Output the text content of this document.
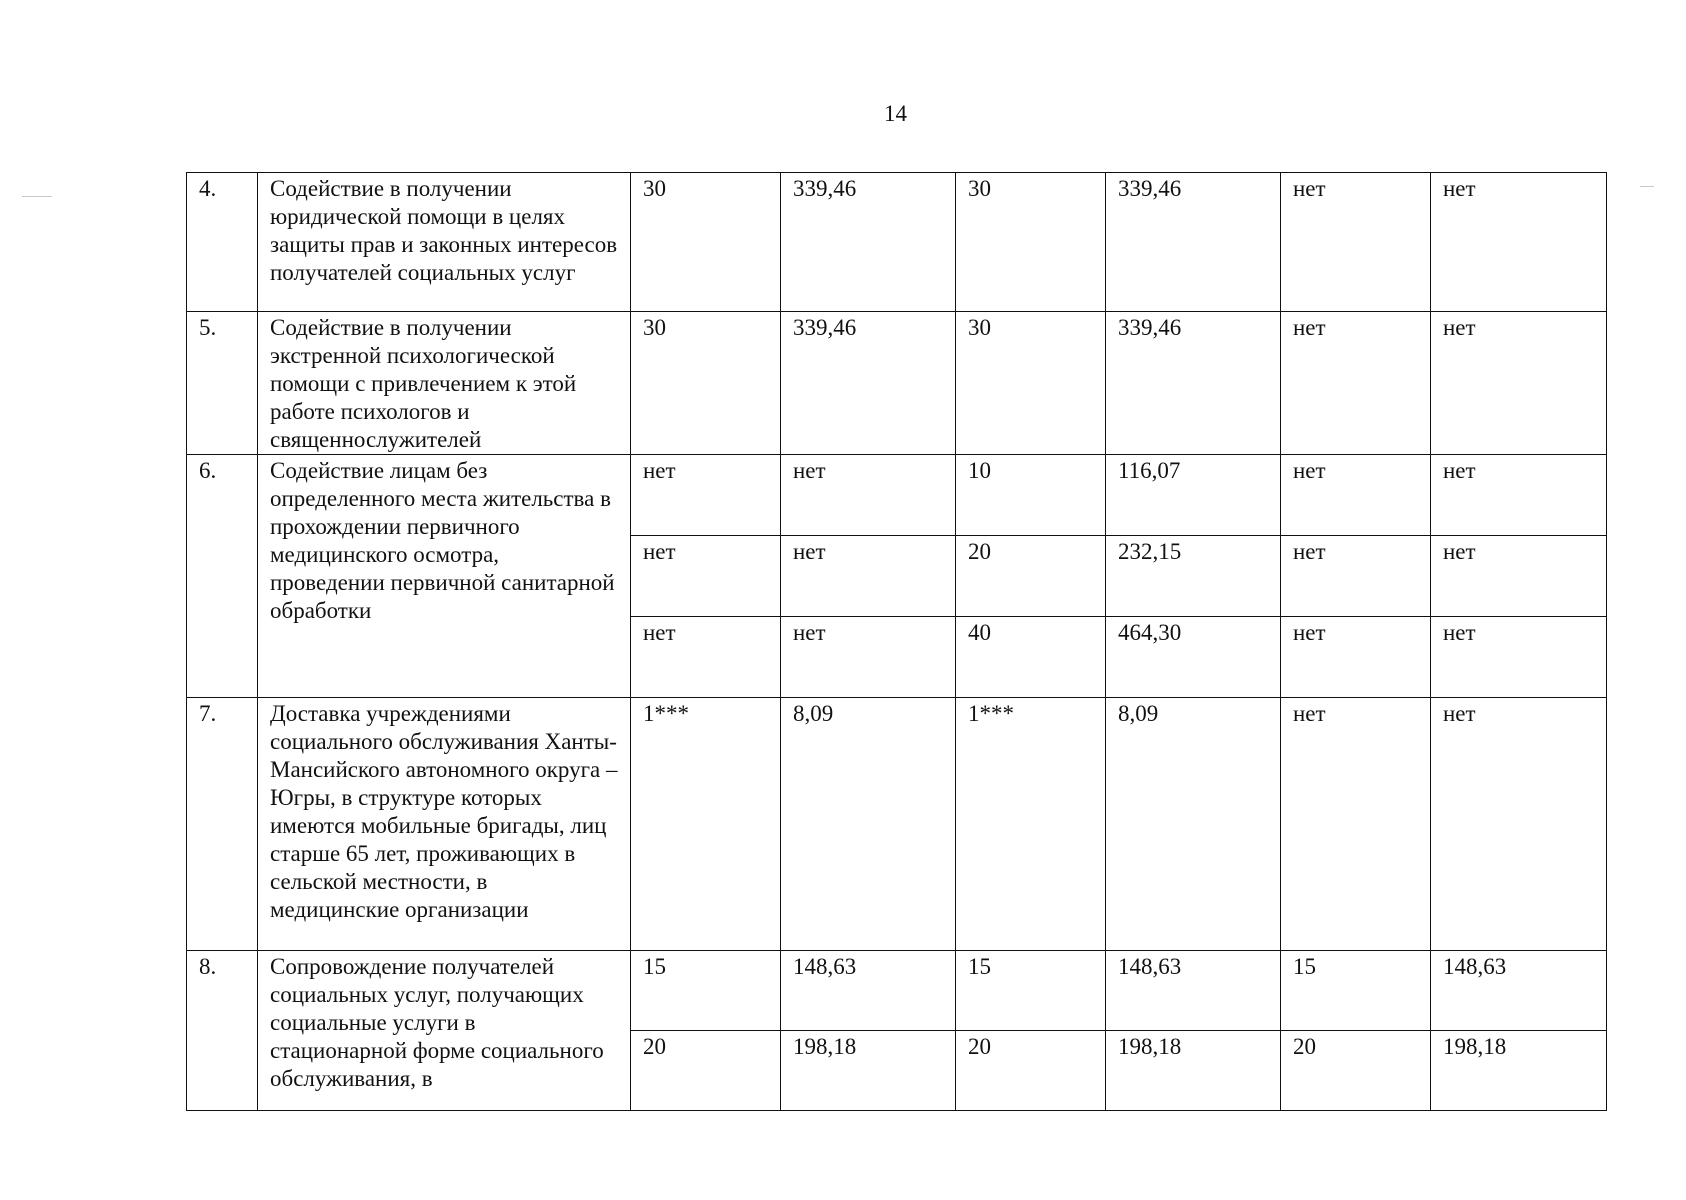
14
4.	Содействие в получении юридической помощи в целях защиты прав и законных интересов получателей социальных услуг	30	339,46	30	339,46	нет	нет
5.	Содействие в получении экстренной психологической помощи с привлечением к этой работе психологов и священнослужителей	30	339,46	30	339,46	нет	нет
6.	Содействие лицам без определенного места жительства в прохождении первичного медицинского осмотра, проведении первичной санитарной обработки	нет	нет	10	116,07	нет	нет
		нет	нет	20	232,15	нет	нет
		нет	нет	40	464,30	нет	нет
7.	Доставка учреждениями социального обслуживания Ханты-Мансийского автономного округа – Югры, в структуре которых имеются мобильные бригады, лиц старше 65 лет, проживающих в сельской местности, в медицинские организации	1***	8,09	1***	8,09	нет	нет
8.	Сопровождение получателей социальных услуг, получающих социальные услуги в стационарной форме социального обслуживания, в	15	148,63	15	148,63	15	148,63
		20	198,18	20	198,18	20	198,18
